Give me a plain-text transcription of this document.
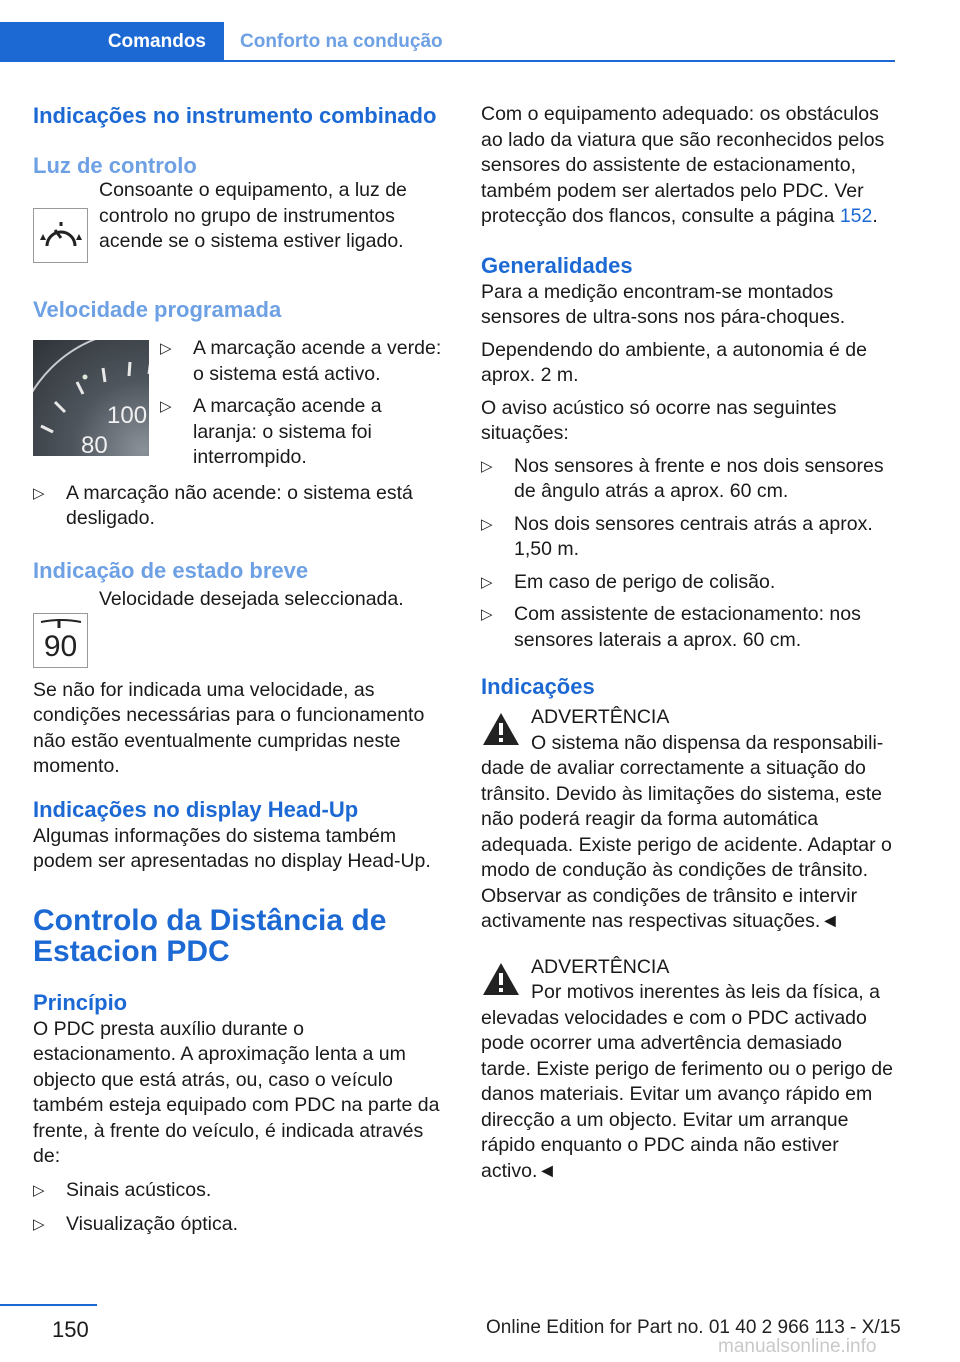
Comandos	Conforto na condução
Indicações no instrumento combinado
Luz de controlo

Consoante o equipamento, a luz de controlo no grupo de instrumentos acende se o sistema estiver ligado.

Velocidade programada
100
80
▷ A marcação acende a verde: o sistema está activo.
▷ A marcação acende a laranja: o sistema foi interrompido.
▷ A marcação não acende: o sistema está desligado.
Indicação de estado breve
90

Velocidade desejada seleccionada.

Se não for indicada uma velocidade, as condições necessárias para o funcionamento não estão eventualmente cumpridas neste momento.

Indicações no display Head-Up

Algumas informações do sistema também podem ser apresentadas no display Head-Up.

Controlo da Distância de Estacion PDC
Princípio

O PDC presta auxílio durante o estacionamento. A aproximação lenta a um objecto que está atrás, ou, caso o veículo também esteja equipado com PDC na parte da frente, à frente do veículo, é indicada através de:

▷ Sinais acústicos.
▷ Visualização óptica.

Com o equipamento adequado: os obstáculos ao lado da viatura que são reconhecidos pelos sensores do assistente de estacionamento, também podem ser alertados pelo PDC. Ver protecção dos flancos, consulte a página 152.

Generalidades

Para a medição encontram-se montados sensores de ultra-sons nos pára-choques.

Dependendo do ambiente, a autonomia é de aprox. 2 m.

O aviso acústico só ocorre nas seguintes situações:

▷ Nos sensores à frente e nos dois sensores de ângulo atrás a aprox. 60 cm.
▷ Nos dois sensores centrais atrás a aprox. 1,50 m.
▷ Em caso de perigo de colisão.
▷ Com assistente de estacionamento: nos sensores laterais a aprox. 60 cm.
Indicações

ADVERTÊNCIA

O sistema não dispensa da responsabili-

dade de avaliar correctamente a situação do trânsito. Devido às limitações do sistema, este não poderá reagir da forma automática adequada. Existe perigo de acidente. Adaptar o modo de condução às condições de trânsito. Observar as condições de trânsito e intervir activamente nas respectivas situações.◄

ADVERTÊNCIA

Por motivos inerentes às leis da física, a

elevadas velocidades e com o PDC activado pode ocorrer uma advertência demasiado tarde. Existe perigo de ferimento ou o perigo de danos materiais. Evitar um avanço rápido em direcção a um objecto. Evitar um arranque rápido enquanto o PDC ainda não estiver activo.◄

150	Online Edition for Part no. 01 40 2 966 113 - X/15
manualsonline.info
